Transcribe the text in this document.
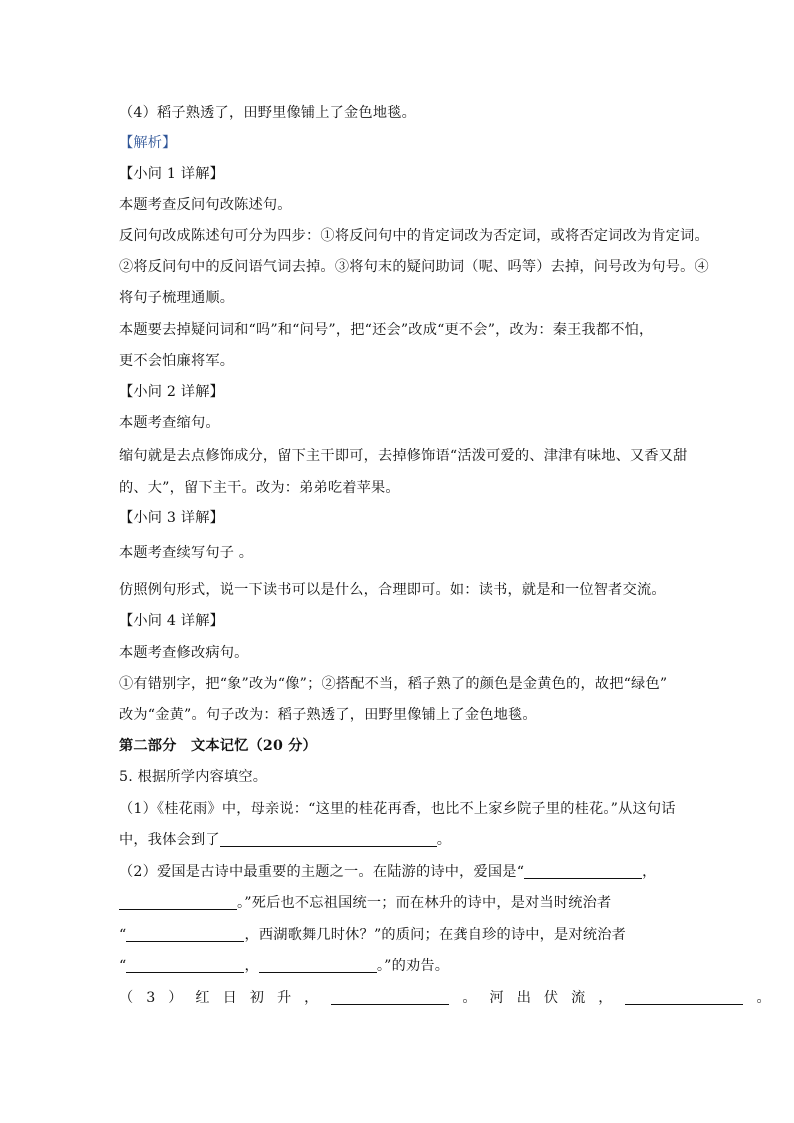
（4）稻子熟透了，田野里像铺上了金色地毯。
【解析】
【小问 1 详解】
本题考查反问句改陈述句。
反问句改成陈述句可分为四步：①将反问句中的肯定词改为否定词，或将否定词改为肯定词。
②将反问句中的反问语气词去掉。③将句末的疑问助词（呢、吗等）去掉，问号改为句号。④
将句子梳理通顺。
本题要去掉疑问词和“吗”和“问号”，把“还会”改成“更不会”，改为：秦王我都不怕，
更不会怕廉将军。
【小问 2 详解】
本题考查缩句。
缩句就是去点修饰成分，留下主干即可，去掉修饰语“活泼可爱的、津津有味地、又香又甜
的、大”，留下主干。改为：弟弟吃着苹果。
【小问 3 详解】
本题考查续写句子 。
仿照例句形式，说一下读书可以是什么，合理即可。如：读书，就是和一位智者交流。
【小问 4 详解】
本题考查修改病句。
①有错别字，把“象”改为“像”；②搭配不当，稻子熟了的颜色是金黄色的，故把“绿色”
改为“金黄”。句子改为：稻子熟透了，田野里像铺上了金色地毯。
第二部分　文本记忆（20 分）
5. 根据所学内容填空。
（1）《桂花雨》中，母亲说：“这里的桂花再香，也比不上家乡院子里的桂花。”从这句话
中，我体会到了	。
（2）爱国是古诗中最重要的主题之一。在陆游的诗中，爱国是“	，
。”死后也不忘祖国统一；而在林升的诗中，是对当时统治者
“	，西湖歌舞几时休？”的质问；在龚自珍的诗中，是对统治者
“	，	。”的劝告。
（3）红日初升，	。河出伏流，	。
